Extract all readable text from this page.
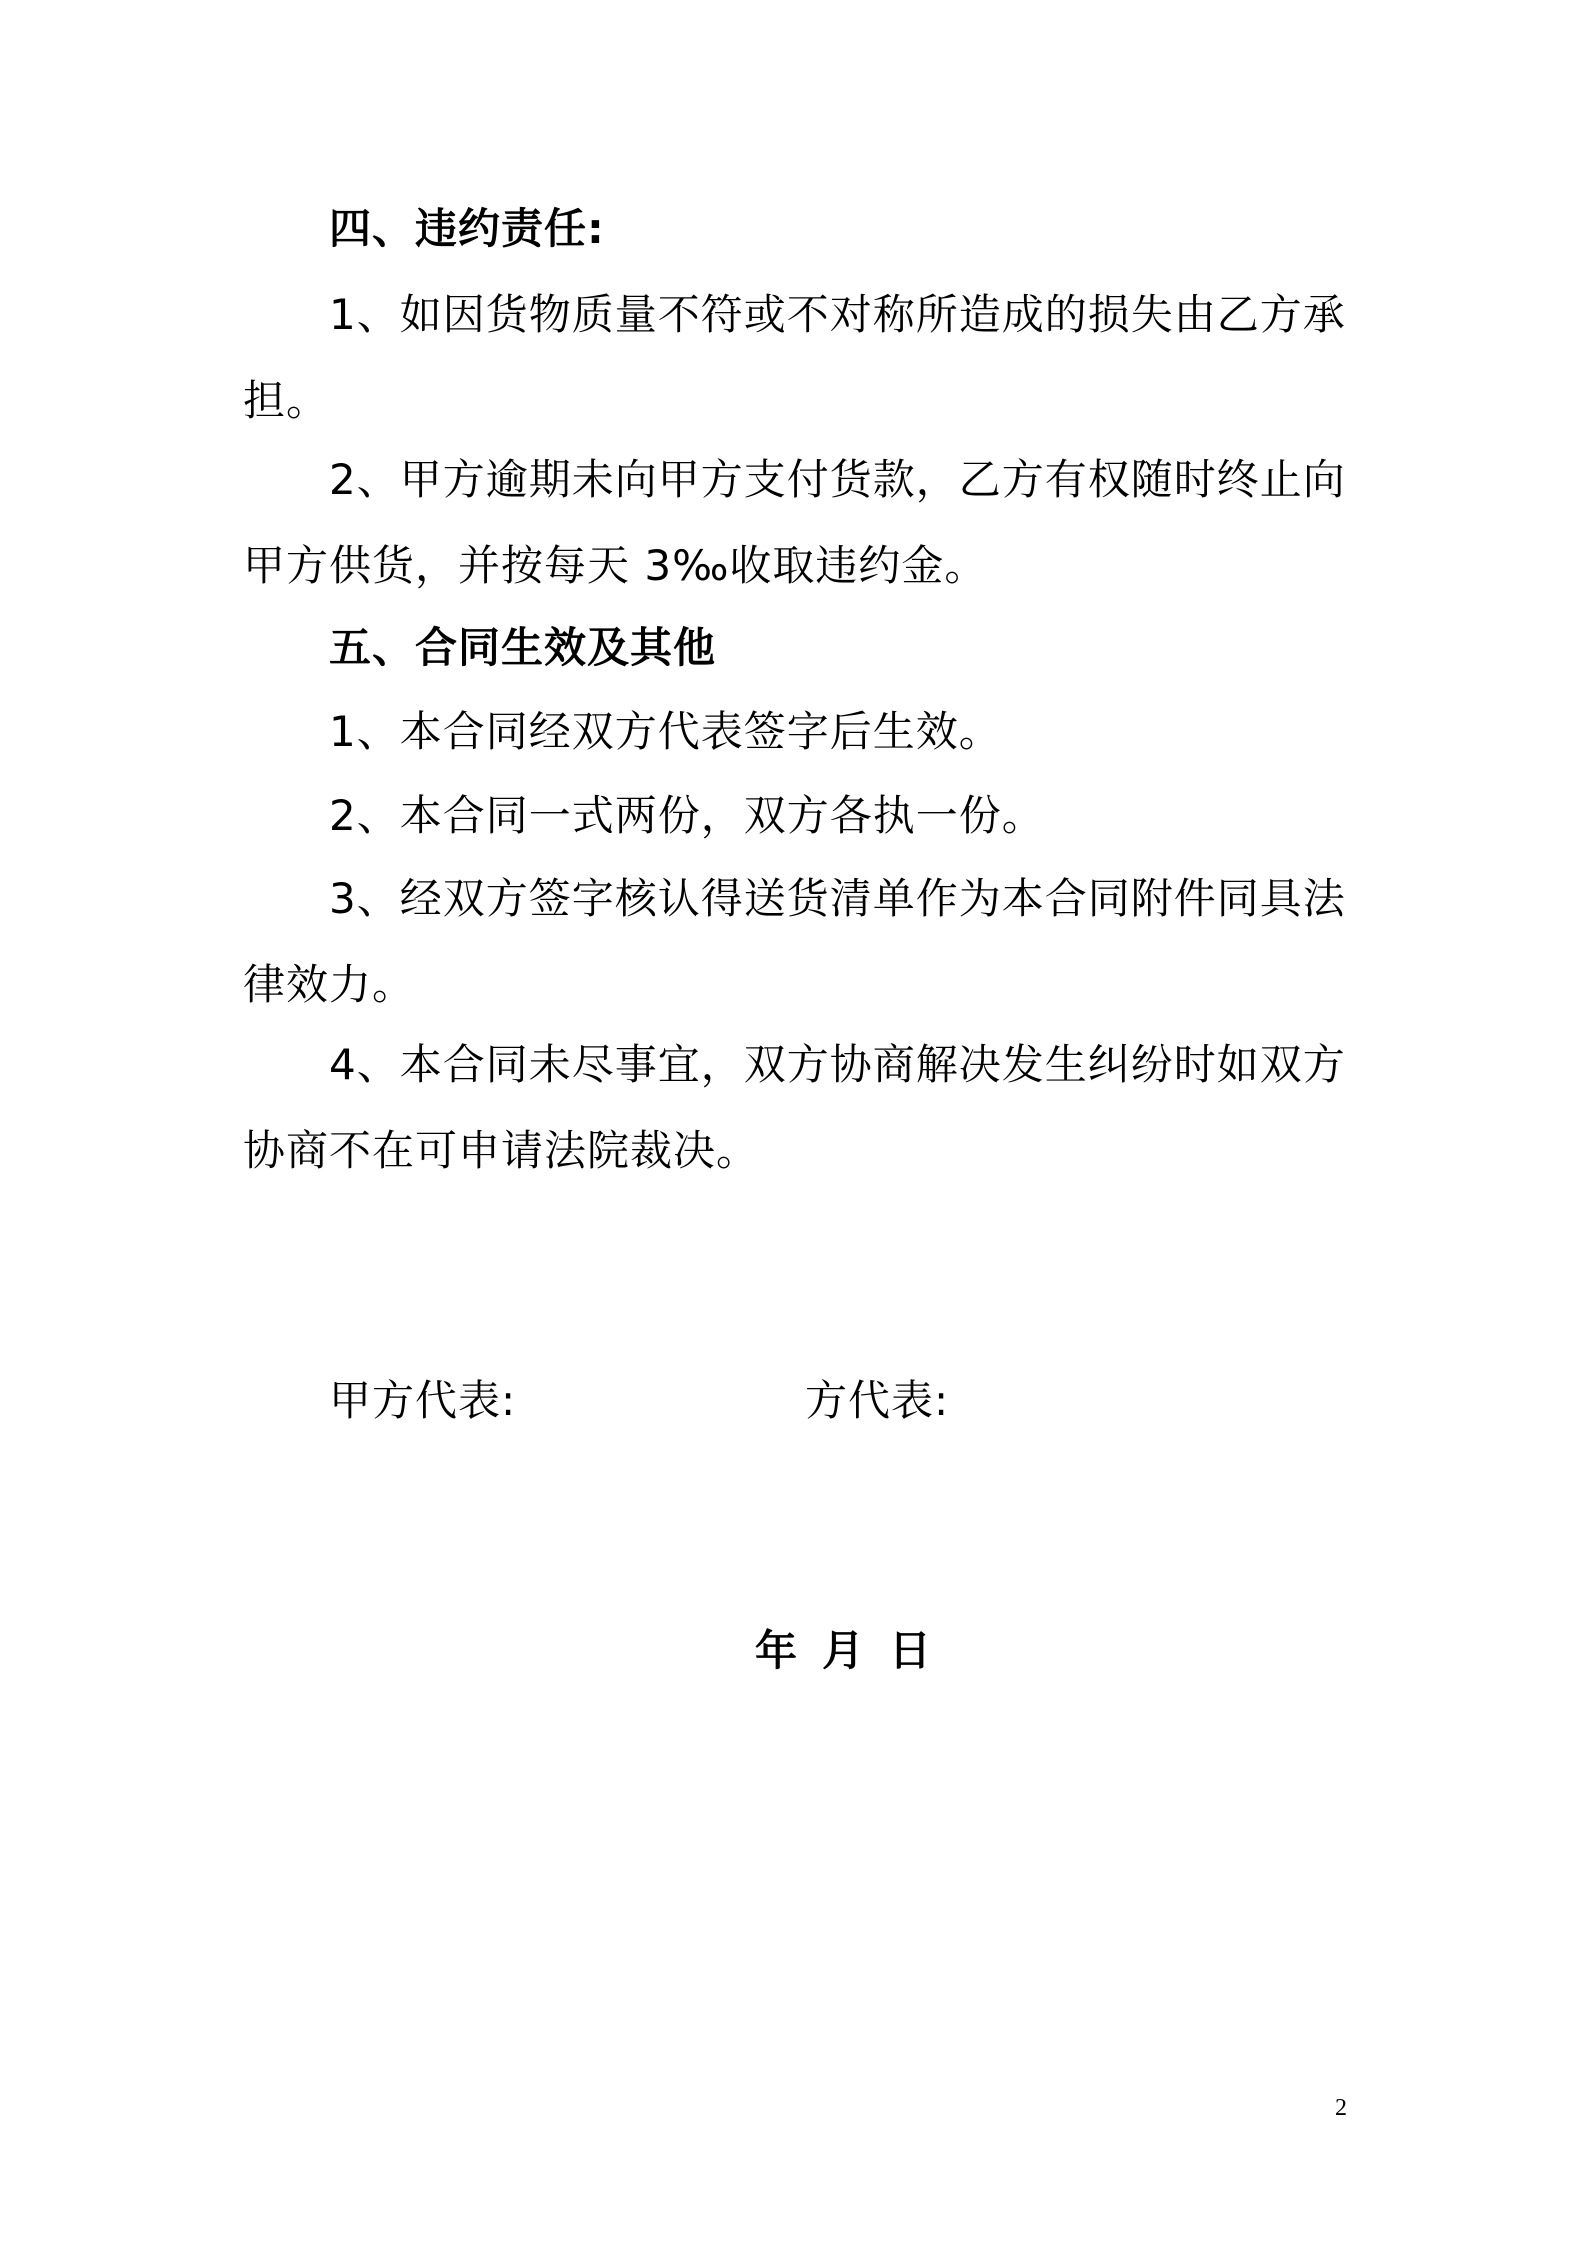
四、违约责任:
1、如因货物质量不符或不对称所造成的损失由乙方承担。
2、甲方逾期未向甲方支付货款，乙方有权随时终止向甲方供货，并按每天 3‰收取违约金。
五、合同生效及其他
1、本合同经双方代表签字后生效。
2、本合同一式两份，双方各执一份。
3、经双方签字核认得送货清单作为本合同附件同具法律效力。
4、本合同未尽事宜，双方协商解决发生纠纷时如双方协商不在可申请法院裁决。
甲方代表:	方代表:
年 月 日
2
